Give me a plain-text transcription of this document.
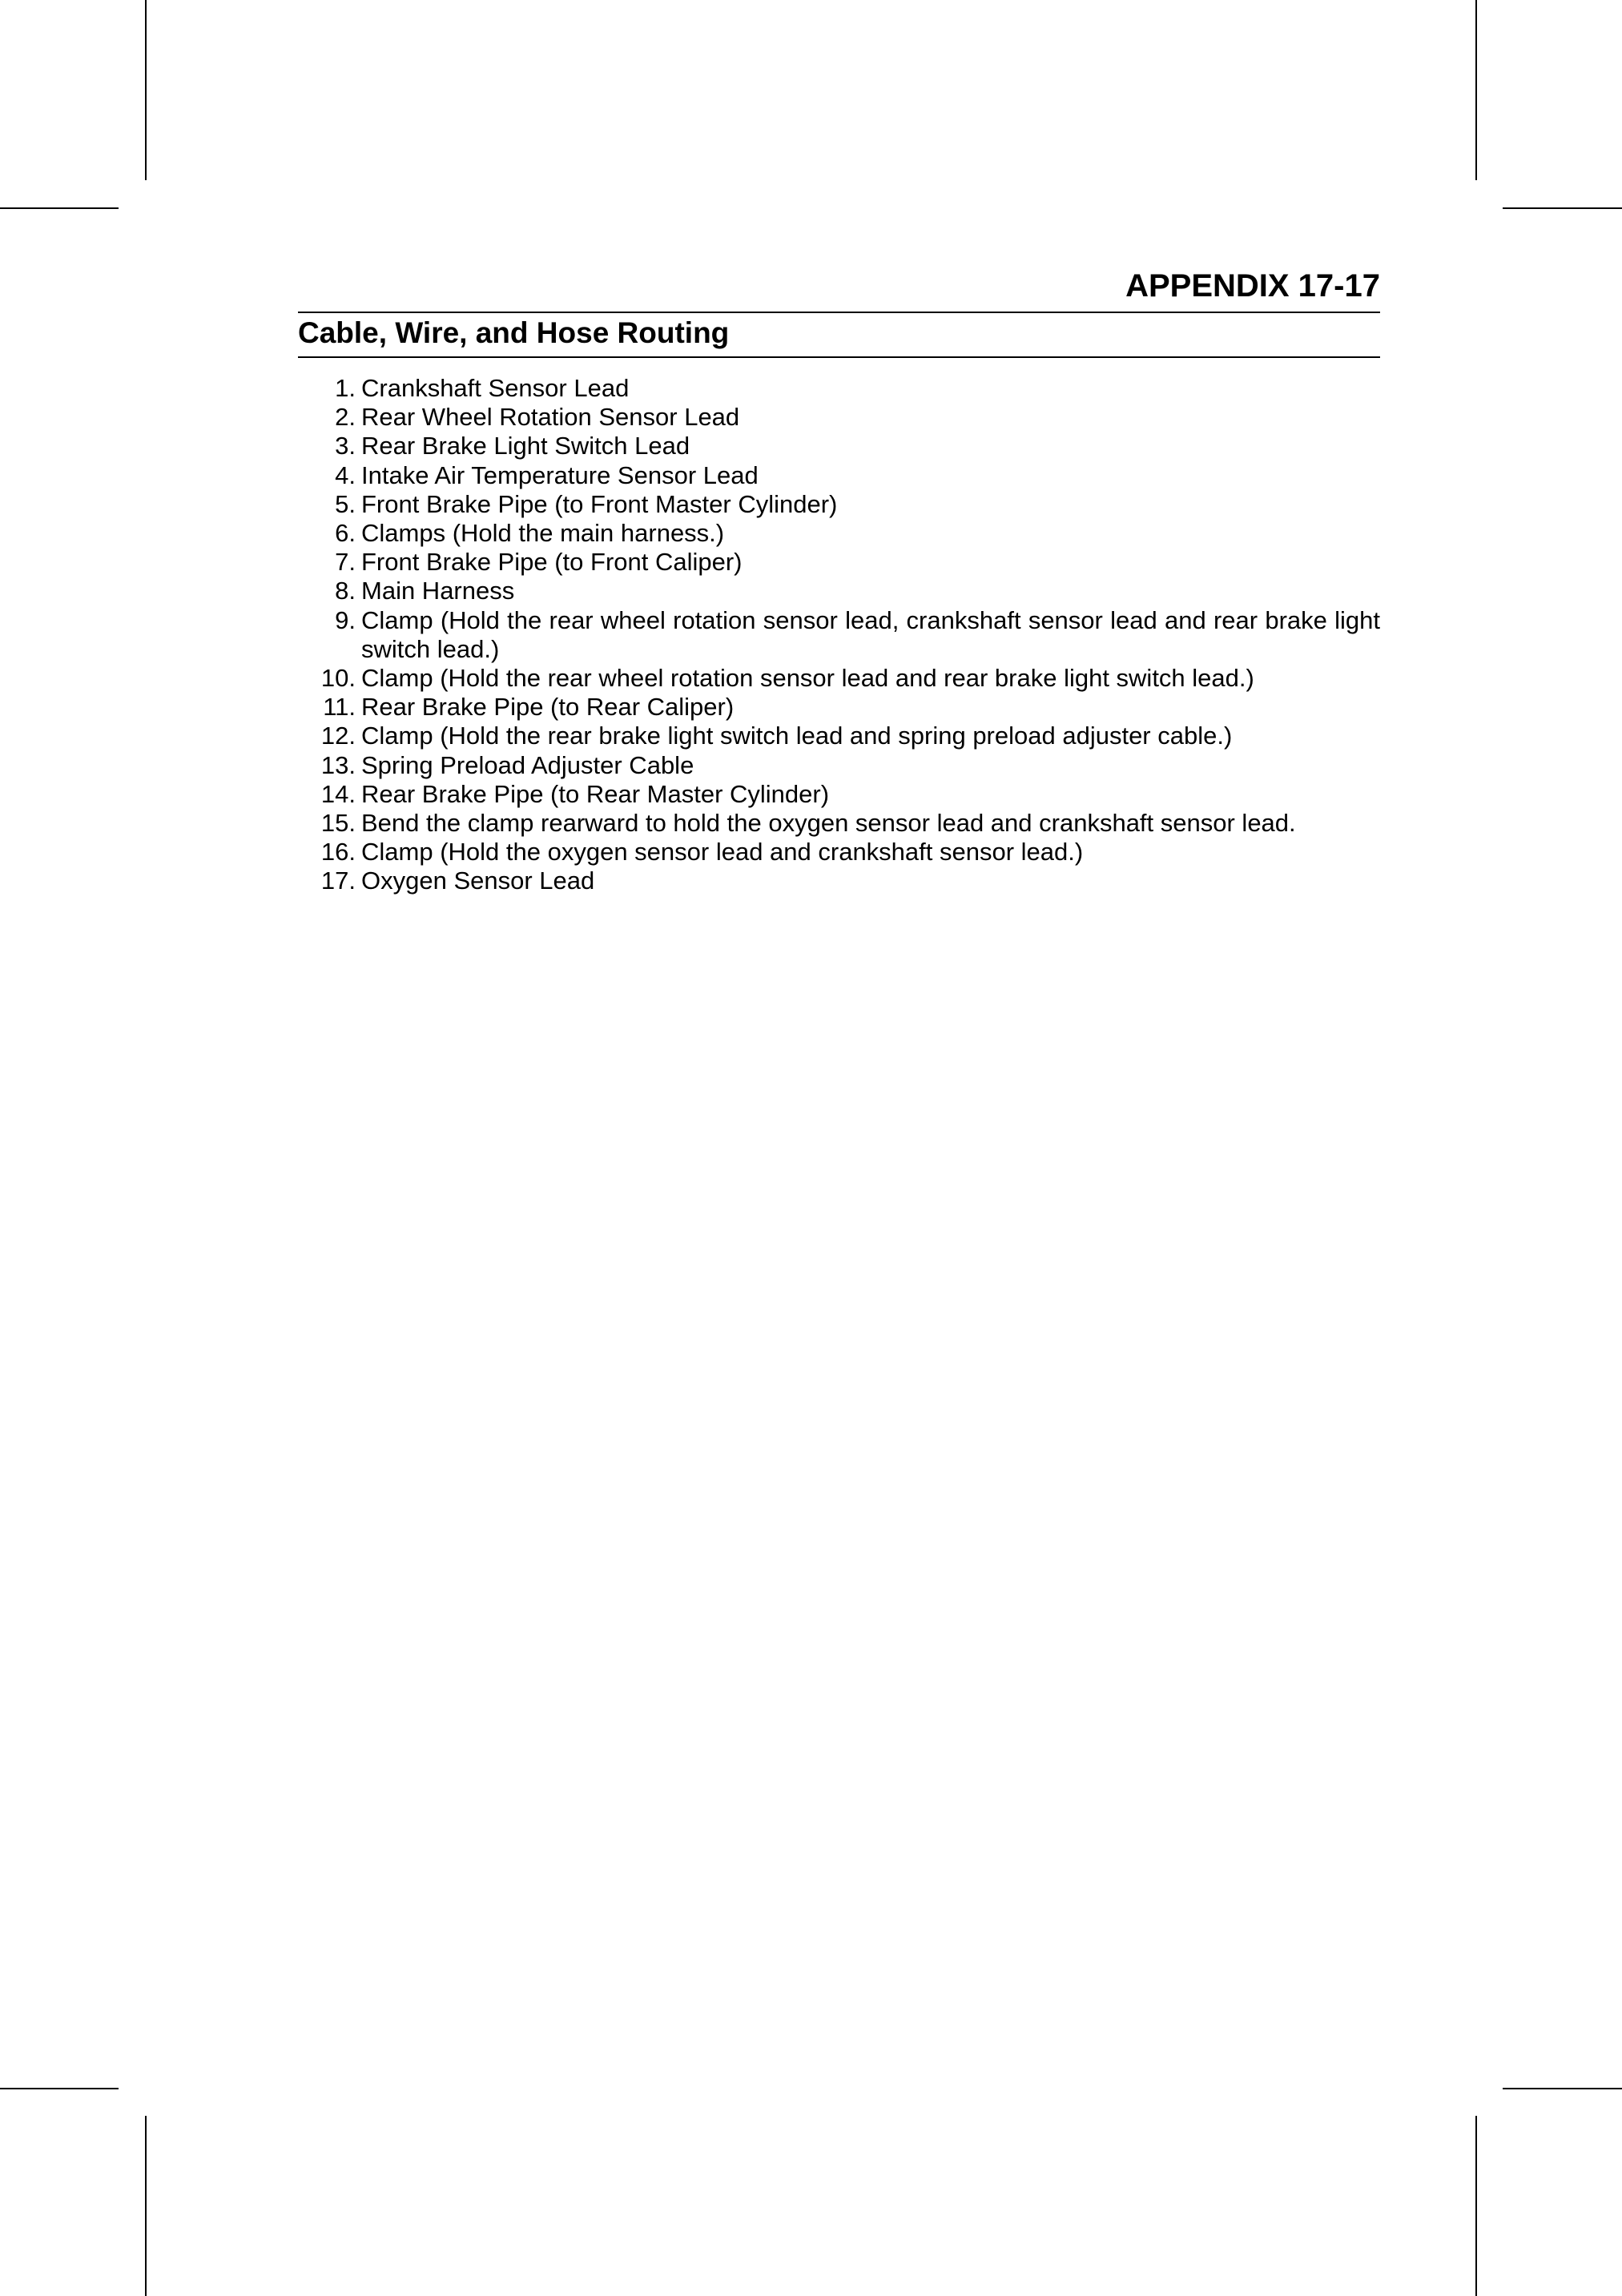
APPENDIX 17-17
Cable, Wire, and Hose Routing
1. Crankshaft Sensor Lead
2. Rear Wheel Rotation Sensor Lead
3. Rear Brake Light Switch Lead
4. Intake Air Temperature Sensor Lead
5. Front Brake Pipe (to Front Master Cylinder)
6. Clamps (Hold the main harness.)
7. Front Brake Pipe (to Front Caliper)
8. Main Harness
9. Clamp (Hold the rear wheel rotation sensor lead, crankshaft sensor lead and rear brake light switch lead.)
10. Clamp (Hold the rear wheel rotation sensor lead and rear brake light switch lead.)
11. Rear Brake Pipe (to Rear Caliper)
12. Clamp (Hold the rear brake light switch lead and spring preload adjuster cable.)
13. Spring Preload Adjuster Cable
14. Rear Brake Pipe (to Rear Master Cylinder)
15. Bend the clamp rearward to hold the oxygen sensor lead and crankshaft sensor lead.
16. Clamp (Hold the oxygen sensor lead and crankshaft sensor lead.)
17. Oxygen Sensor Lead
